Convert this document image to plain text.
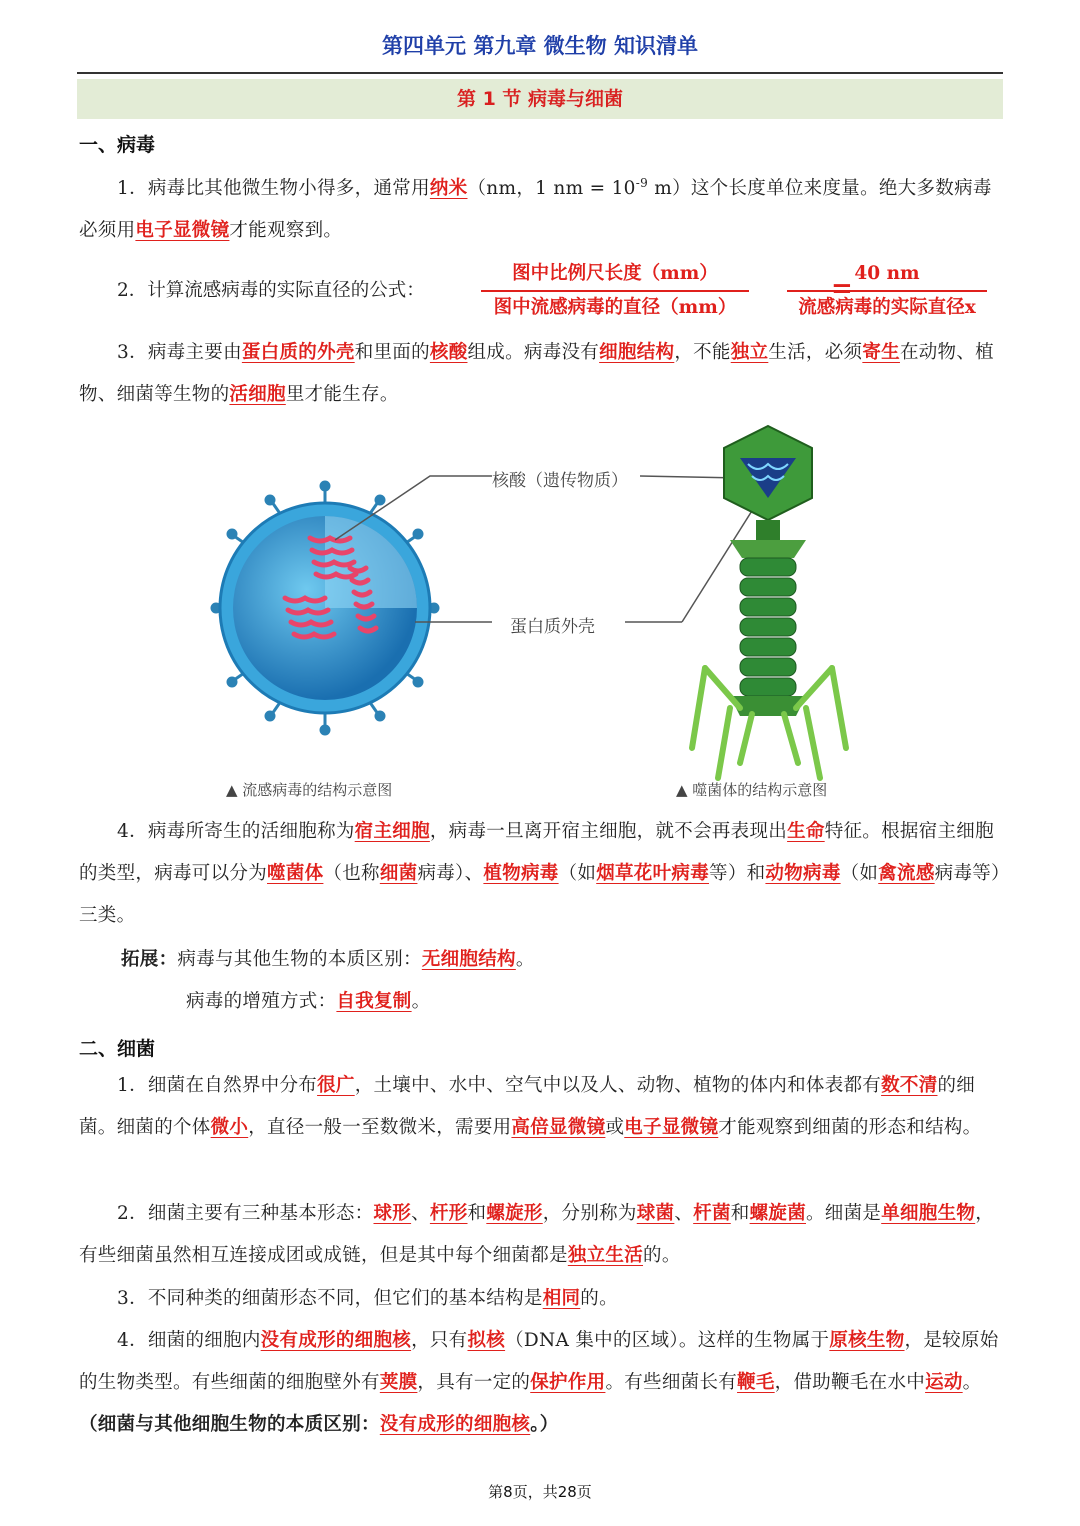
第四单元 第九章 微生物 知识清单
第 1 节 病毒与细菌
一、病毒

1．病毒比其他微生物小得多，通常用纳米（nm，1 nm = $10^{-9}$ m）这个长度单位来度量。绝大多数病毒必须用电子显微镜才能观察到。

2．计算流感病毒的实际直径的公式：
图中比例尺长度（mm）
图中流感病毒的直径（mm）
=
40 nm
流感病毒的实际直径x

3．病毒主要由蛋白质的外壳和里面的核酸组成。病毒没有细胞结构，不能独立生活，必须寄生在动物、植物、细菌等生物的活细胞里才能生存。

核酸（遗传物质）
蛋白质外壳
▲ 流感病毒的结构示意图	▲ 噬菌体的结构示意图

4．病毒所寄生的活细胞称为宿主细胞，病毒一旦离开宿主细胞，就不会再表现出生命特征。根据宿主细胞的类型，病毒可以分为噬菌体（也称细菌病毒）、植物病毒（如烟草花叶病毒等）和动物病毒（如禽流感病毒等）三类。

拓展：病毒与其他生物的本质区别：无细胞结构。

病毒的增殖方式：自我复制。

二、细菌

1．细菌在自然界中分布很广，土壤中、水中、空气中以及人、动物、植物的体内和体表都有数不清的细菌。细菌的个体微小，直径一般一至数微米，需要用高倍显微镜或电子显微镜才能观察到细菌的形态和结构。

2．细菌主要有三种基本形态：球形、杆形和螺旋形，分别称为球菌、杆菌和螺旋菌。细菌是单细胞生物，有些细菌虽然相互连接成团或成链，但是其中每个细菌都是独立生活的。

3．不同种类的细菌形态不同，但它们的基本结构是相同的。

4．细菌的细胞内没有成形的细胞核，只有拟核（DNA 集中的区域）。这样的生物属于原核生物，是较原始的生物类型。有些细菌的细胞壁外有荚膜，具有一定的保护作用。有些细菌长有鞭毛，借助鞭毛在水中运动。（细菌与其他细胞生物的本质区别：没有成形的细胞核。）

第8页，共28页
